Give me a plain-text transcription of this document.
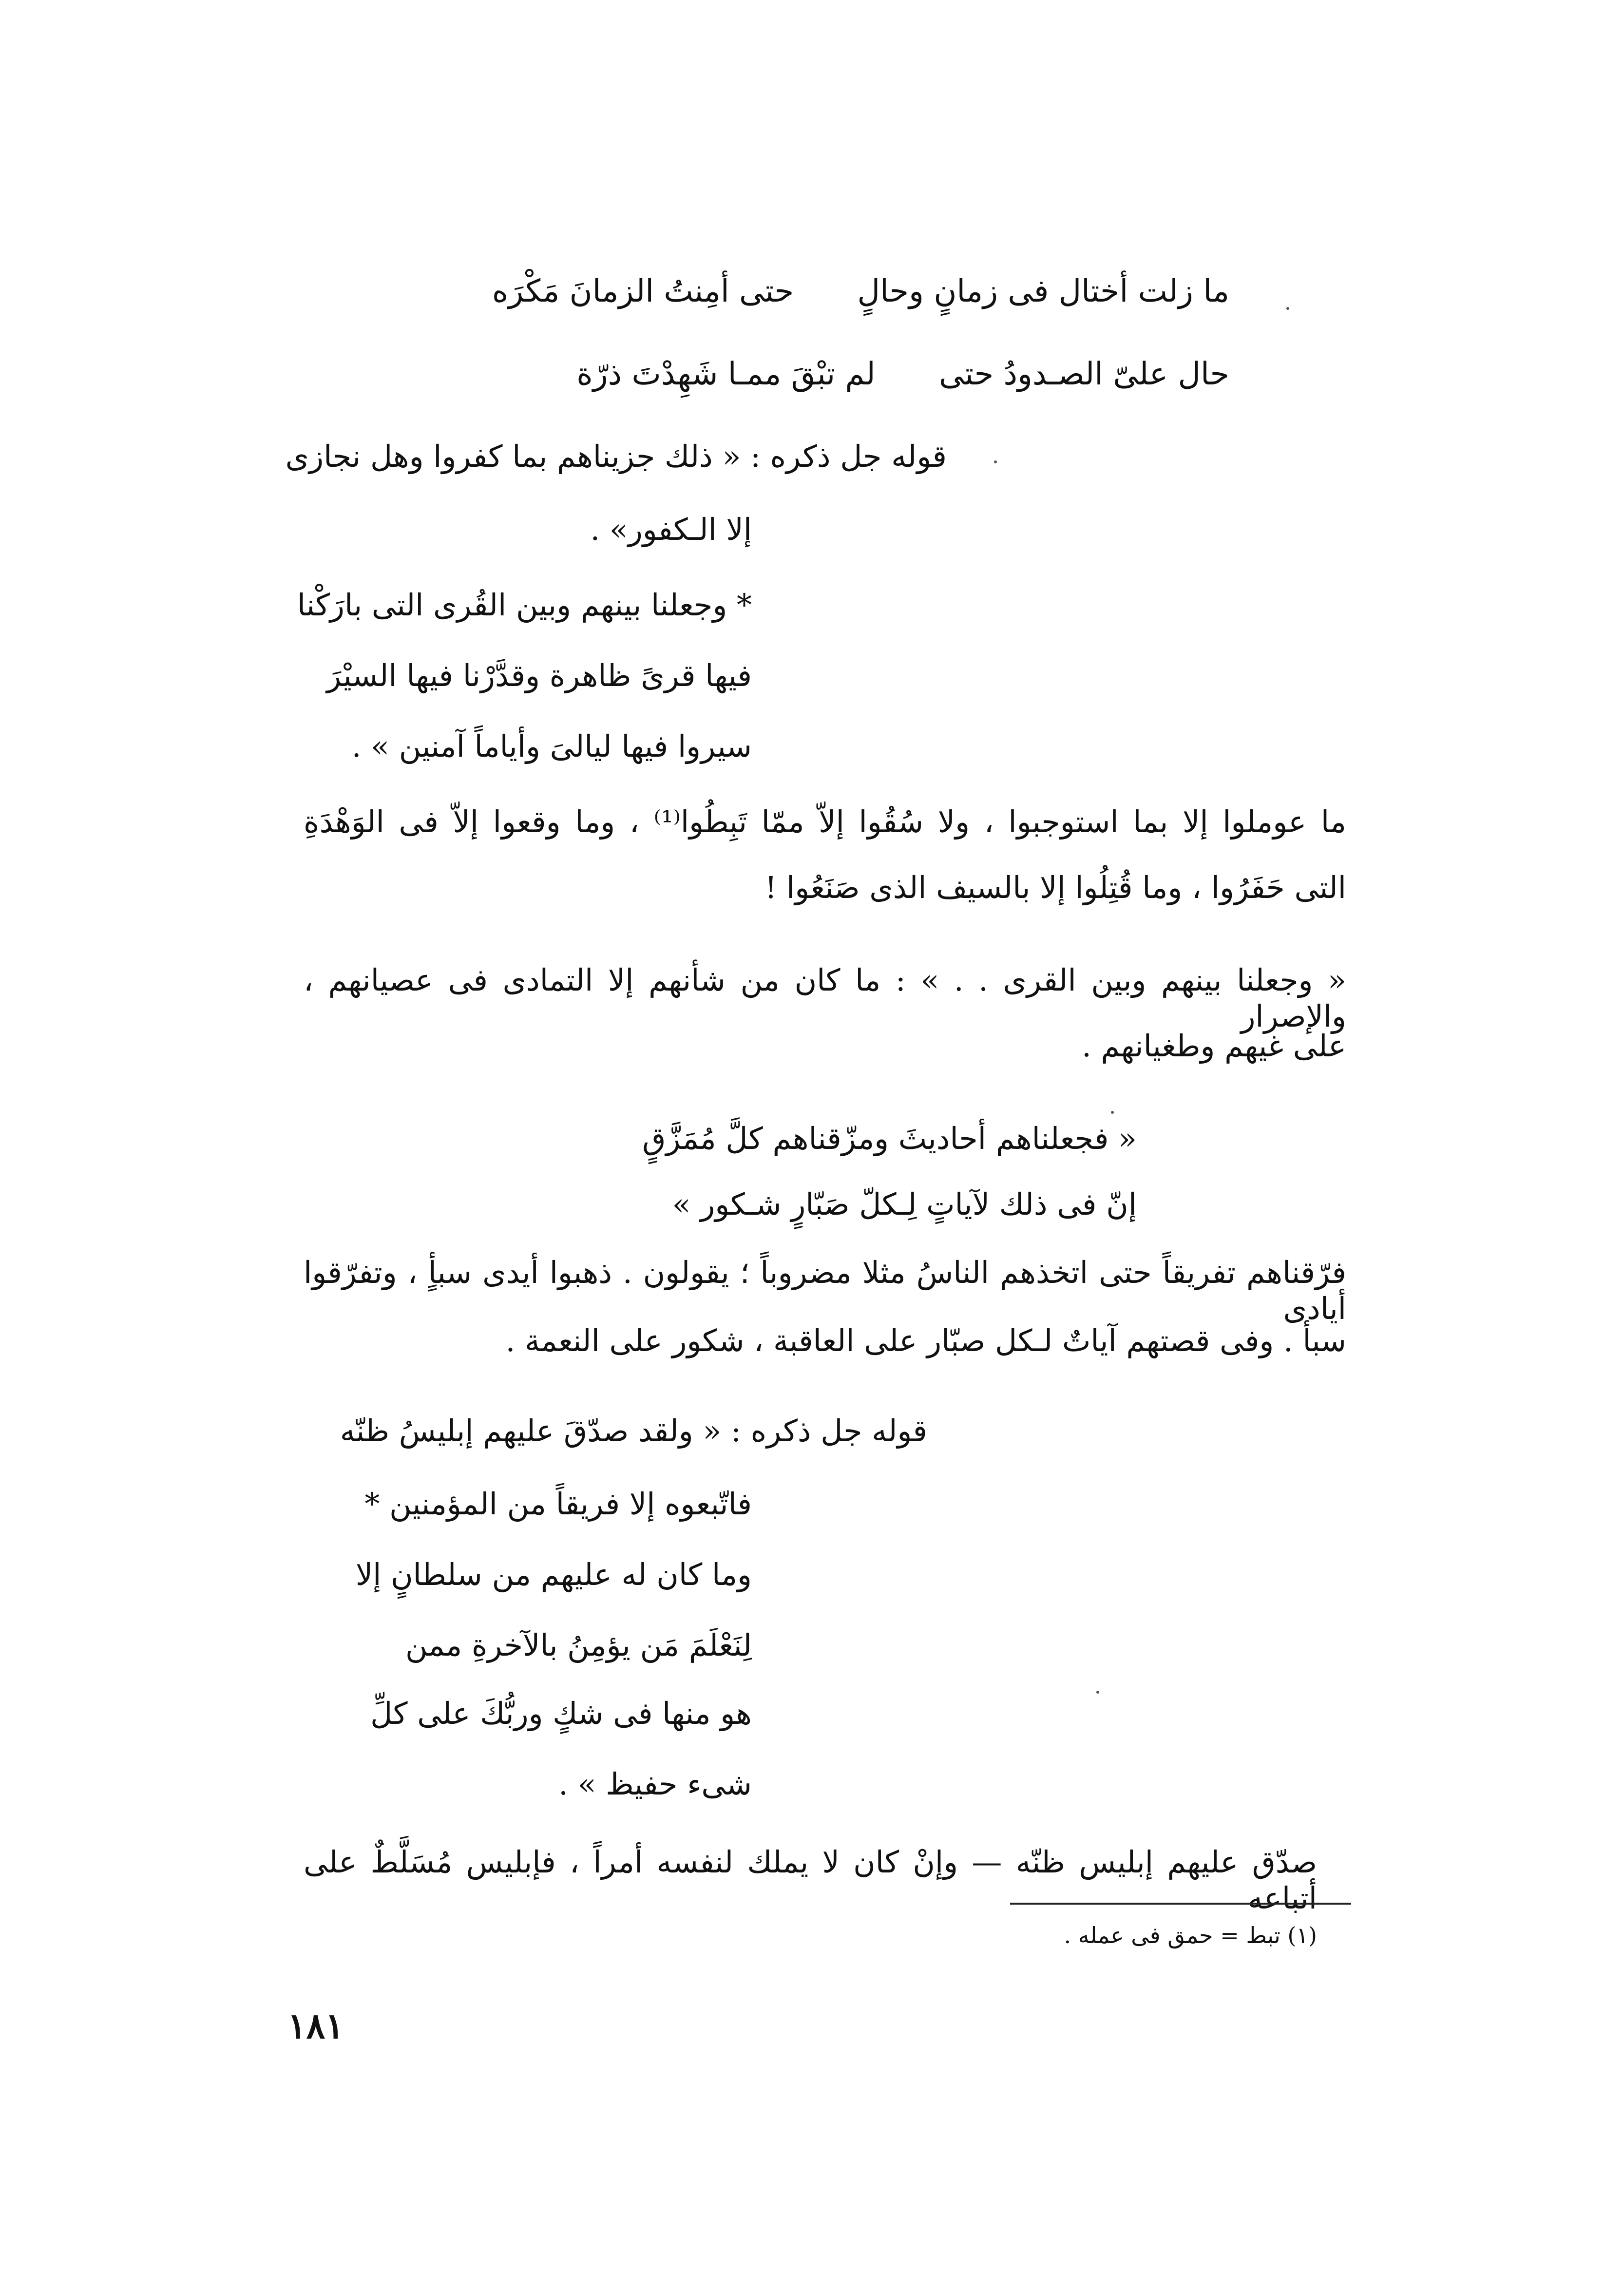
ما زلت أختال فى زمانٍ وحالٍ حتى أمِنتُ الزمانَ مَكْرَه
حال علىّ الصـدودُ حتى لم تبْقَ ممـا شَهِدْتَ ذرّة
قوله جل ذكره : « ذلك جزيناهم بما كفروا وهل نجازى
إلا الـكفور» .
* وجعلنا بينهم وبين القُرى التى بارَكْنا
فيها قرىً ظاهرة وقدَّرْنا فيها السيْرَ
سيروا فيها ليالىَ وأياماً آمنين » .
ما عوملوا إلا بما استوجبوا ، ولا سُقُوا إلاّ ممّا تَبِطُوا⁽¹⁾ ، وما وقعوا إلاّ فى الوَهْدَةِ
التى حَفَرُوا ، وما قُتِلُوا إلا بالسيف الذى صَنَعُوا !
« وجعلنا بينهم وبين القرى . . » : ما كان من شأنهم إلا التمادى فى عصيانهم ، والإصرار
على غيهم وطغيانهم .
« فجعلناهم أحاديثَ ومزّقناهم كلَّ مُمَزَّقٍ
إنّ فى ذلك لآياتٍ لِـكلّ صَبّارٍ شـكور »
فرّقناهم تفريقاً حتى اتخذهم الناسُ مثلا مضروباً ؛ يقولون . ذهبوا أيدى سبأٍ ، وتفرّقوا أيادى
سبأ . وفى قصتهم آياتٌ لـكل صبّار على العاقبة ، شكور على النعمة .
قوله جل ذكره : « ولقد صدّقَ عليهم إبليسُ ظنّه
فاتّبعوه إلا فريقاً من المؤمنين *
وما كان له عليهم من سلطانٍ إلا
لِنَعْلَمَ مَن يؤمِنُ بالآخرةِ ممن
هو منها فى شكٍ وربُّكَ على كلِّ
شىء حفيظ » .
صدّق عليهم إبليس ظنّه — وإنْ كان لا يملك لنفسه أمراً ، فإبليس مُسَلَّطٌ على أتباعه
(١) تبط = حمق فى عمله .
١٨١
